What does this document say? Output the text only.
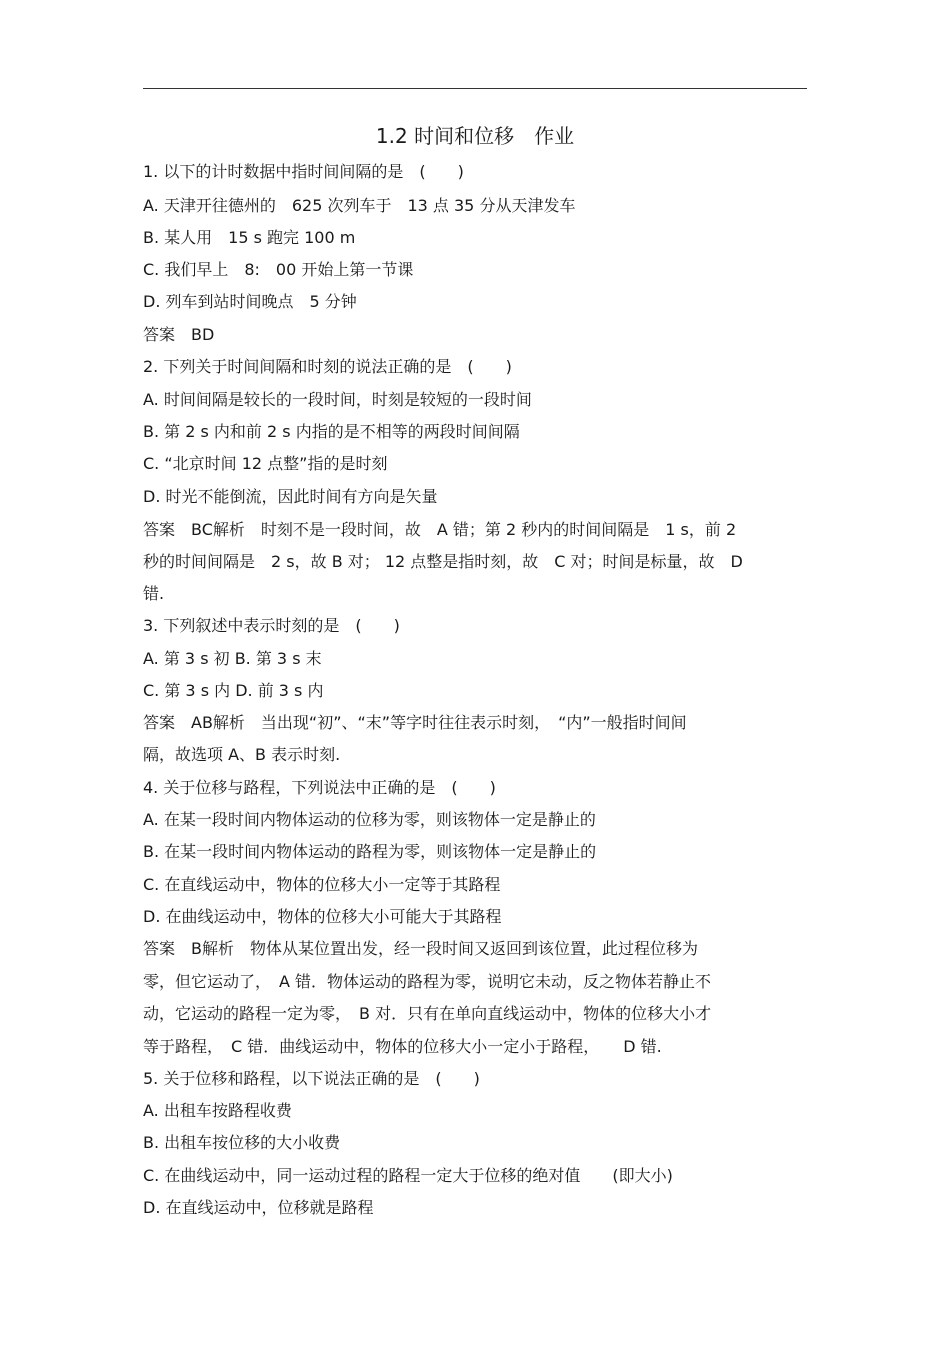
1.2 时间和位移　作业
1. 以下的计时数据中指时间间隔的是　(　　)
A. 天津开往德州的　625 次列车于　13 点 35 分从天津发车
B. 某人用　15 s 跑完 100 m
C. 我们早上　8:　00 开始上第一节课
D. 列车到站时间晚点　5 分钟
答案　BD
2. 下列关于时间间隔和时刻的说法正确的是　(　　)
A. 时间间隔是较长的一段时间，时刻是较短的一段时间
B. 第 2 s 内和前 2 s 内指的是不相等的两段时间间隔
C. “北京时间 12 点整”指的是时刻
D. 时光不能倒流，因此时间有方向是矢量
答案　BC解析　时刻不是一段时间，故　A 错；第 2 秒内的时间间隔是　1 s，前 2
秒的时间间隔是　2 s，故 B 对； 12 点整是指时刻，故　C 对；时间是标量，故　D
错.
3. 下列叙述中表示时刻的是　(　　)
A. 第 3 s 初 B. 第 3 s 末
C. 第 3 s 内 D. 前 3 s 内
答案　AB解析　当出现“初”、“末”等字时往往表示时刻，　“内”一般指时间间
隔，故选项 A、B 表示时刻.
4. 关于位移与路程，下列说法中正确的是　(　　)
A. 在某一段时间内物体运动的位移为零，则该物体一定是静止的
B. 在某一段时间内物体运动的路程为零，则该物体一定是静止的
C. 在直线运动中，物体的位移大小一定等于其路程
D. 在曲线运动中，物体的位移大小可能大于其路程
答案　B解析　物体从某位置出发，经一段时间又返回到该位置，此过程位移为
零，但它运动了，　A 错．物体运动的路程为零，说明它未动，反之物体若静止不
动，它运动的路程一定为零，　B 对．只有在单向直线运动中，物体的位移大小才
等于路程，　C 错．曲线运动中，物体的位移大小一定小于路程，　　D 错.
5. 关于位移和路程，以下说法正确的是　(　　)
A. 出租车按路程收费
B. 出租车按位移的大小收费
C. 在曲线运动中，同一运动过程的路程一定大于位移的绝对值　　(即大小)
D. 在直线运动中，位移就是路程
